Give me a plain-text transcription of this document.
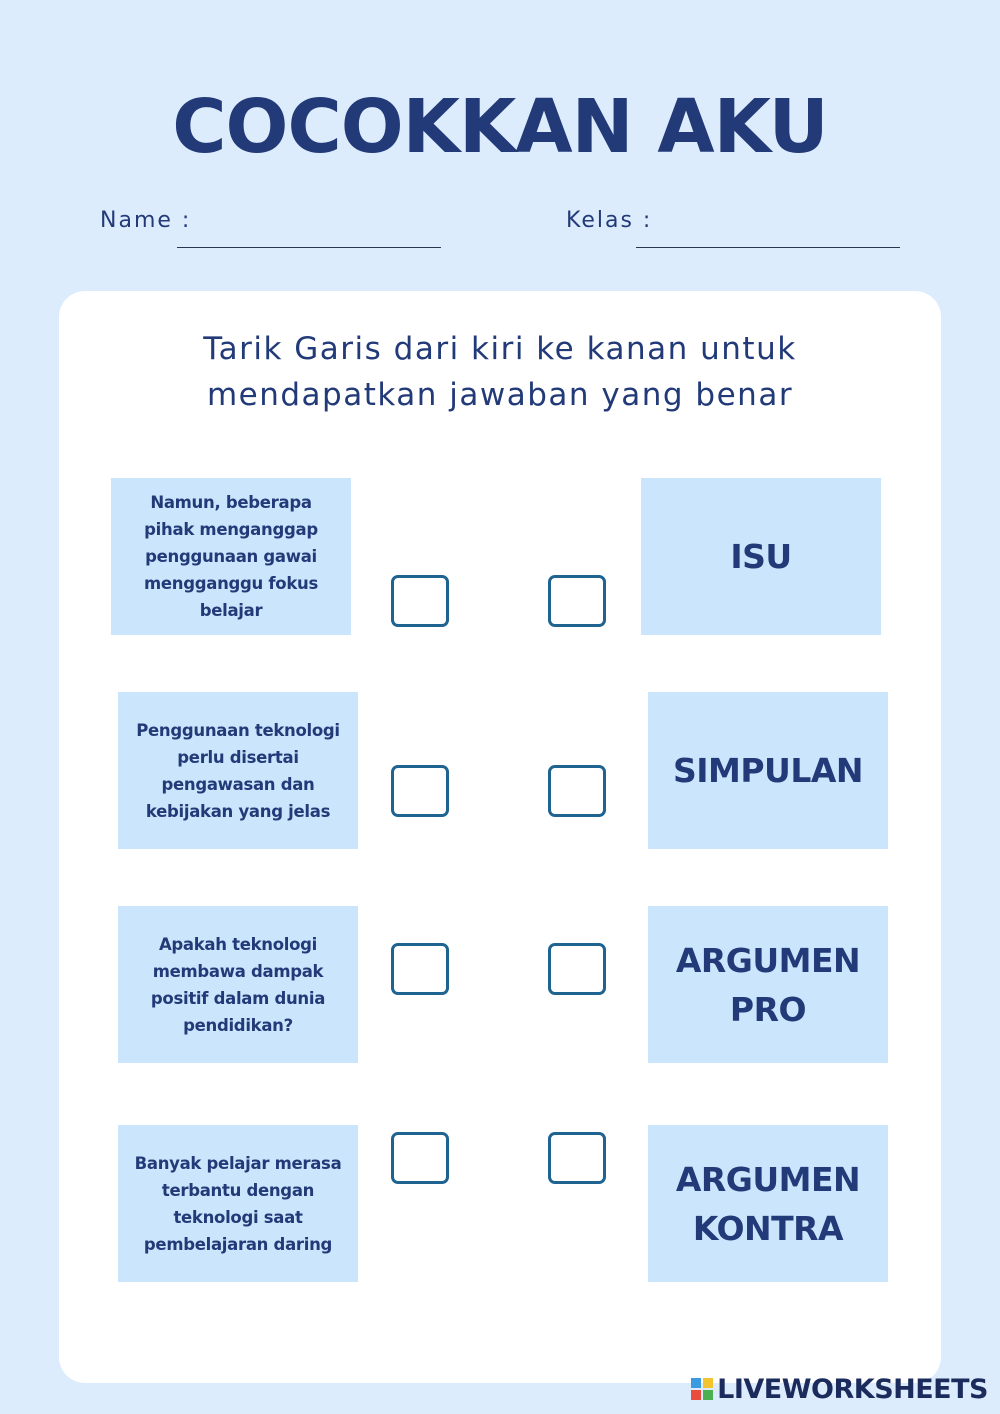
COCOKKAN AKU
Name :	Kelas :
Tarik Garis dari kiri ke kanan untuk
mendapatkan jawaban yang benar
Namun, beberapa pihak menganggap penggunaan gawai mengganggu fokus belajar
ISU
Penggunaan teknologi perlu disertai pengawasan dan kebijakan yang jelas
SIMPULAN
Apakah teknologi membawa dampak positif dalam dunia pendidikan?
ARGUMEN PRO
Banyak pelajar merasa terbantu dengan teknologi saat pembelajaran daring
ARGUMEN KONTRA
LIVEWORKSHEETS
